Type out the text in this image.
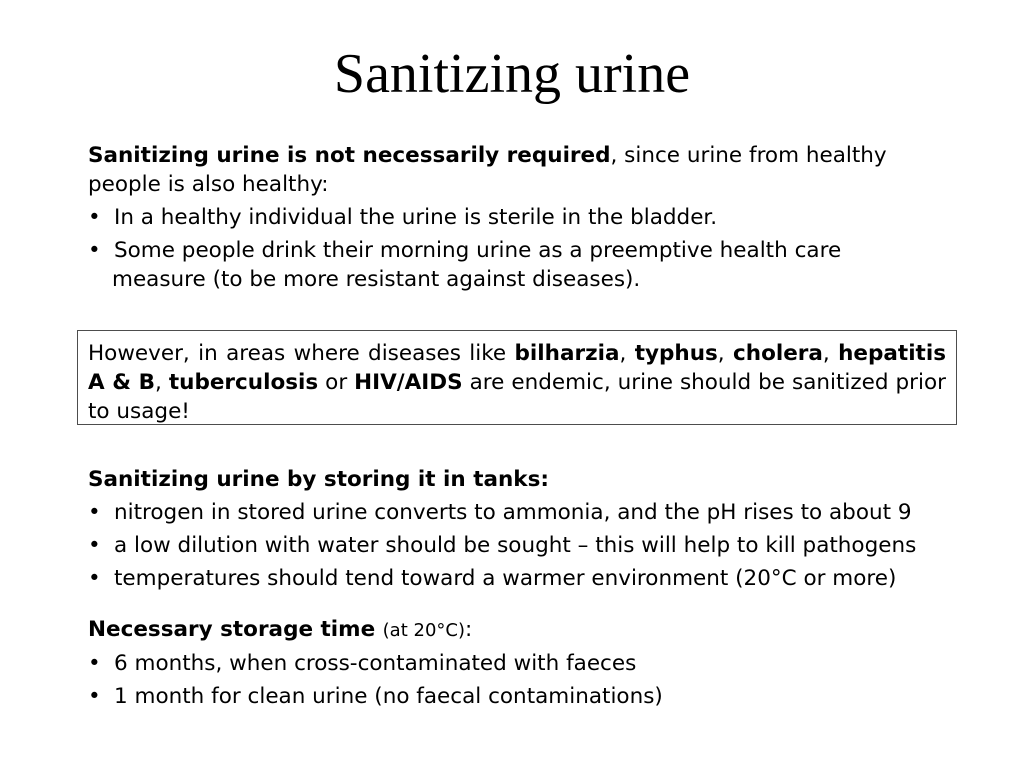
Sanitizing urine

Sanitizing urine is not necessarily required, since urine from healthy people is also healthy:

• In a healthy individual the urine is sterile in the bladder.
• Some people drink their morning urine as a preemptive health care

measure (to be more resistant against diseases).

However, in areas where diseases like bilharzia, typhus, cholera, hepatitis A & B, tuberculosis or HIV/AIDS are endemic, urine should be sanitized prior to usage!

Sanitizing urine by storing it in tanks:

• nitrogen in stored urine converts to ammonia, and the pH rises to about 9
• a low dilution with water should be sought – this will help to kill pathogens
• temperatures should tend toward a warmer environment (20°C or more)

Necessary storage time (at 20°C):

• 6 months, when cross-contaminated with faeces
• 1 month for clean urine (no faecal contaminations)
